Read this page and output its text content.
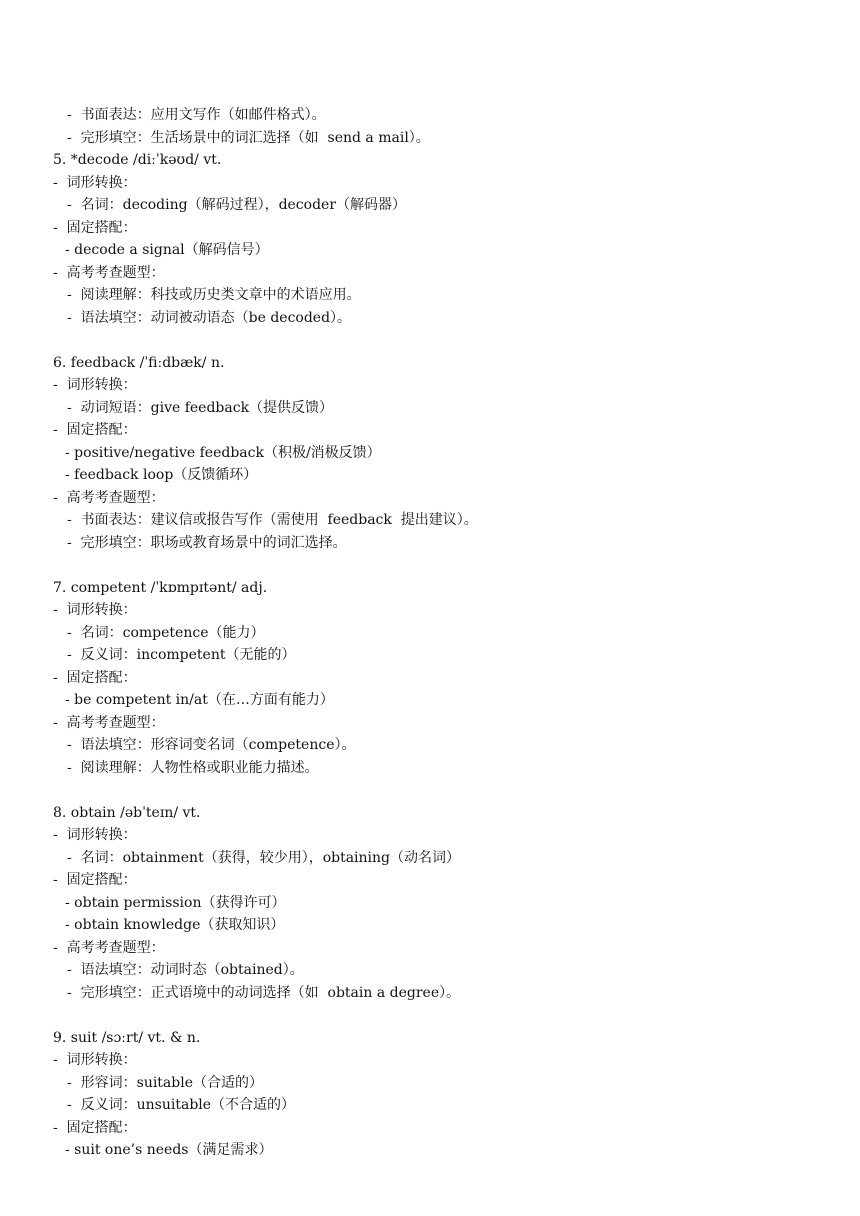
-  书面表达：应用文写作（如邮件格式）。
-  完形填空：生活场景中的词汇选择（如  send a mail）。
5. *decode /diːˈkəʊd/ vt.
-  词形转换：
-  名词：decoding（解码过程），decoder（解码器）
-  固定搭配：
- decode a signal（解码信号）
-  高考考查题型：
-  阅读理解：科技或历史类文章中的术语应用。
-  语法填空：动词被动语态（be decoded）。
6. feedback /ˈfiːdbæk/ n.
-  词形转换：
-  动词短语：give feedback（提供反馈）
-  固定搭配：
- positive/negative feedback（积极/消极反馈）
- feedback loop（反馈循环）
-  高考考查题型：
-  书面表达：建议信或报告写作（需使用  feedback  提出建议）。
-  完形填空：职场或教育场景中的词汇选择。
7. competent /ˈkɒmpɪtənt/ adj.
-  词形转换：
-  名词：competence（能力）
-  反义词：incompetent（无能的）
-  固定搭配：
- be competent in/at（在…方面有能力）
-  高考考查题型：
-  语法填空：形容词变名词（competence）。
-  阅读理解：人物性格或职业能力描述。
8. obtain /əbˈteɪn/ vt.
-  词形转换：
-  名词：obtainment（获得，较少用），obtaining（动名词）
-  固定搭配：
- obtain permission（获得许可）
- obtain knowledge（获取知识）
-  高考考查题型：
-  语法填空：动词时态（obtained）。
-  完形填空：正式语境中的动词选择（如  obtain a degree）。
9. suit /sɔːrt/ vt. & n.
-  词形转换：
-  形容词：suitable（合适的）
-  反义词：unsuitable（不合适的）
-  固定搭配：
- suit one’s needs（满足需求）
